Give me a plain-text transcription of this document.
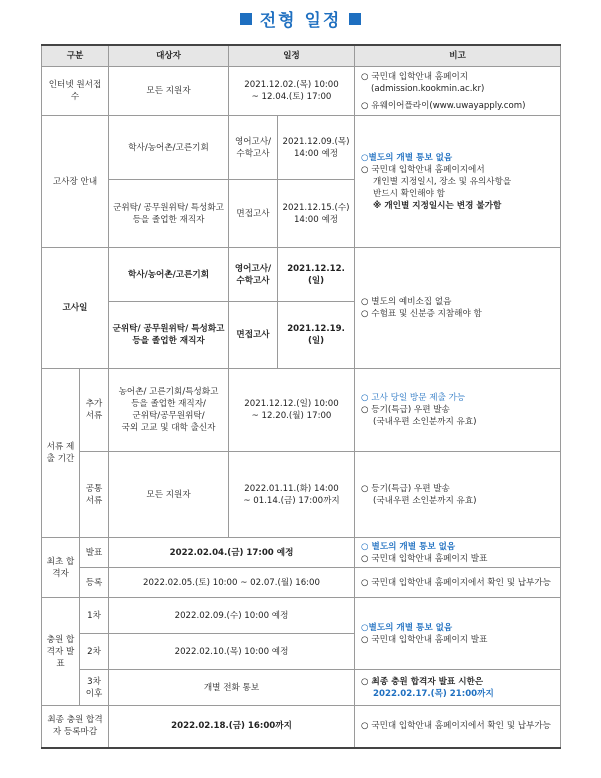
전형 일정
구분		대상자	일정		비고
인터넷 원서접수		모든 지원자	2021.12.02.(목) 10:00
~ 12.04.(토) 17:00		○ 국민대 입학안내 홈페이지
(admission.kookmin.ac.kr)
○ 유웨이어플라이(www.uwayapply.com)

고사장 안내		학사/농어촌/고른기회	영어고사/ 수학고사	2021.12.09.(목)
14:00 예정	○별도의 개별 통보 없음
○ 국민대 입학안내 홈페이지에서
개인별 지정일시, 장소 및 유의사항을
반드시 확인해야 함
※ 개인별 지정일시는 변경 불가함

		군위탁/ 공무원위탁/ 특성화고 등을 졸업한 재직자	면접고사	2021.12.15.(수)
14:00 예정	

고사일		학사/농어촌/고른기회	영어고사/ 수학고사	2021.12.12.(일)	○ 별도의 예비소집 없음
○ 수험표 및 신분증 지참해야 함

		군위탁/ 공무원위탁/ 특성화고 등을 졸업한 재직자	면접고사	2021.12.19.(일)	
서류 제출 기간	추가 서류	농어촌/ 고른기회/특성화고
등을 졸업한 재직자/
군위탁/공무원위탁/
국외 고교 및 대학 출신자	2021.12.12.(일) 10:00
~ 12.20.(월) 17:00		○ 고사 당일 방문 제출 가능
○ 등기(특급) 우편 발송
(국내우편 소인분까지 유효)

	공통 서류	모든 지원자	2022.01.11.(화) 14:00
~ 01.14.(금) 17:00까지		○ 등기(특급) 우편 발송
(국내우편 소인분까지 유효)

최초 합격자	발표	2022.02.04.(금) 17:00 예정			○ 별도의 개별 통보 없음
○ 국민대 입학안내 홈페이지 발표

	등록	2022.02.05.(토) 10:00 ~ 02.07.(월) 16:00			○ 국민대 입학안내 홈페이지에서 확인 및 납부가능
충원 합격자 발표	1차	2022.02.09.(수) 10:00 예정			○별도의 개별 통보 없음
○ 국민대 입학안내 홈페이지 발표

	2차	2022.02.10.(목) 10:00 예정			
	3차 이후	개별 전화 통보			○ 최종 충원 합격자 발표 시한은
2022.02.17.(목) 21:00까지

최종 충원 합격자 등록마감		2022.02.18.(금) 16:00까지			○ 국민대 입학안내 홈페이지에서 확인 및 납부가능
